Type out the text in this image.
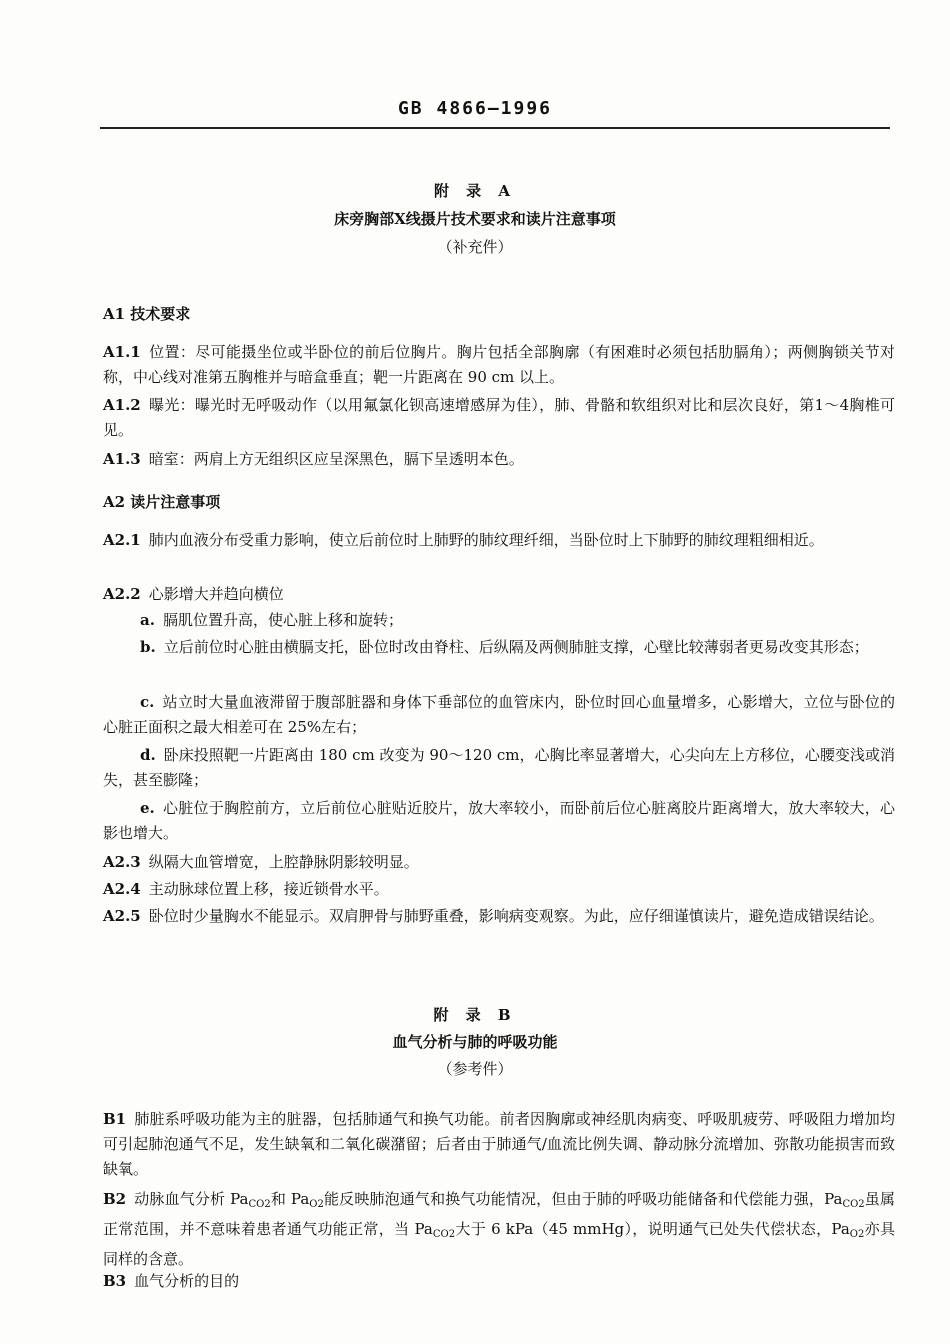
GB 4866—1996
附 录 A
床旁胸部X线摄片技术要求和读片注意事项
（补充件）
A1 技术要求
A1.1 位置：尽可能摄坐位或半卧位的前后位胸片。胸片包括全部胸廓（有困难时必须包括肋膈角）；两侧胸锁关节对称，中心线对准第五胸椎并与暗盒垂直；靶一片距离在 90 cm 以上。
A1.2 曝光：曝光时无呼吸动作（以用氟氯化钡高速增感屏为佳），肺、骨骼和软组织对比和层次良好，第1～4胸椎可见。
A1.3 暗室：两肩上方无组织区应呈深黑色，膈下呈透明本色。
A2 读片注意事项
A2.1 肺内血液分布受重力影响，使立后前位时上肺野的肺纹理纤细，当卧位时上下肺野的肺纹理粗细相近。
A2.2 心影增大并趋向横位
a. 膈肌位置升高，使心脏上移和旋转；
b. 立后前位时心脏由横膈支托，卧位时改由脊柱、后纵隔及两侧肺脏支撑，心壁比较薄弱者更易改变其形态；
c. 站立时大量血液滞留于腹部脏器和身体下垂部位的血管床内，卧位时回心血量增多，心影增大，立位与卧位的心脏正面积之最大相差可在 25%左右；
d. 卧床投照靶一片距离由 180 cm 改变为 90～120 cm，心胸比率显著增大，心尖向左上方移位，心腰变浅或消失，甚至膨隆；
e. 心脏位于胸腔前方，立后前位心脏贴近胶片，放大率较小，而卧前后位心脏离胶片距离增大，放大率较大，心影也增大。
A2.3 纵隔大血管增宽，上腔静脉阴影较明显。
A2.4 主动脉球位置上移，接近锁骨水平。
A2.5 卧位时少量胸水不能显示。双肩胛骨与肺野重叠，影响病变观察。为此，应仔细谨慎读片，避免造成错误结论。
附 录 B
血气分析与肺的呼吸功能
（参考件）
B1 肺脏系呼吸功能为主的脏器，包括肺通气和换气功能。前者因胸廓或神经肌肉病变、呼吸肌疲劳、呼吸阻力增加均可引起肺泡通气不足，发生缺氧和二氧化碳潴留；后者由于肺通气/血流比例失调、静动脉分流增加、弥散功能损害而致缺氧。
B2 动脉血气分析 $Pa_{CO2}$和 $Pa_{O2}$能反映肺泡通气和换气功能情况，但由于肺的呼吸功能储备和代偿能力强，$Pa_{CO2}$虽属正常范围，并不意味着患者通气功能正常，当 $Pa_{CO2}$大于 6 kPa（45 mmHg），说明通气已处失代偿状态，$Pa_{O2}$亦具同样的含意。
B3 血气分析的目的
